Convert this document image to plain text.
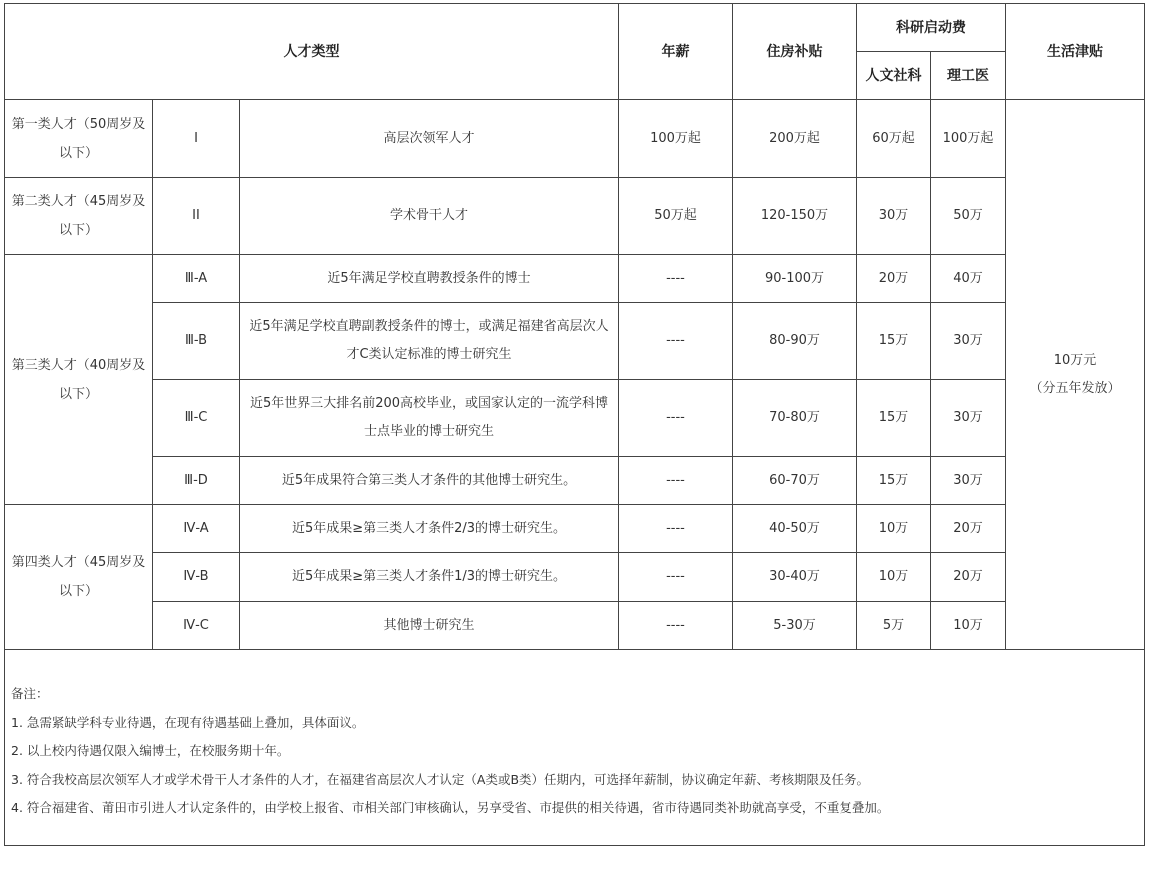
人才类型			年薪	住房补贴	科研启动费		生活津贴
					人文社科	理工医	
第一类人才（50周岁及以下）	I	高层次领军人才	100万起	200万起	60万起	100万起	10万元
（分五年发放）

第二类人才（45周岁及以下）	II	学术骨干人才	50万起	120-150万	30万	50万	
第三类人才（40周岁及以下）	Ⅲ-A	近5年满足学校直聘教授条件的博士	----	90-100万	20万	40万	
	Ⅲ-B	近5年满足学校直聘副教授条件的博士，或满足福建省高层次人才C类认定标准的博士研究生	----	80-90万	15万	30万	
	Ⅲ-C	近5年世界三大排名前200高校毕业，或国家认定的一流学科博士点毕业的博士研究生	----	70-80万	15万	30万	
	Ⅲ-D	近5年成果符合第三类人才条件的其他博士研究生。	----	60-70万	15万	30万	
第四类人才（45周岁及以下）	Ⅳ-A	近5年成果≥第三类人才条件2/3的博士研究生。	----	40-50万	10万	20万	
	Ⅳ-B	近5年成果≥第三类人才条件1/3的博士研究生。	----	30-40万	10万	20万	
	Ⅳ-C	其他博士研究生	----	5-30万	5万	10万	

备注：
1. 急需紧缺学科专业待遇，在现有待遇基础上叠加，具体面议。
2. 以上校内待遇仅限入编博士，在校服务期十年。
3. 符合我校高层次领军人才或学术骨干人才条件的人才，在福建省高层次人才认定（A类或B类）任期内，可选择年薪制，协议确定年薪、考核期限及任务。
4. 符合福建省、莆田市引进人才认定条件的，由学校上报省、市相关部门审核确认，另享受省、市提供的相关待遇，省市待遇同类补助就高享受，不重复叠加。							
